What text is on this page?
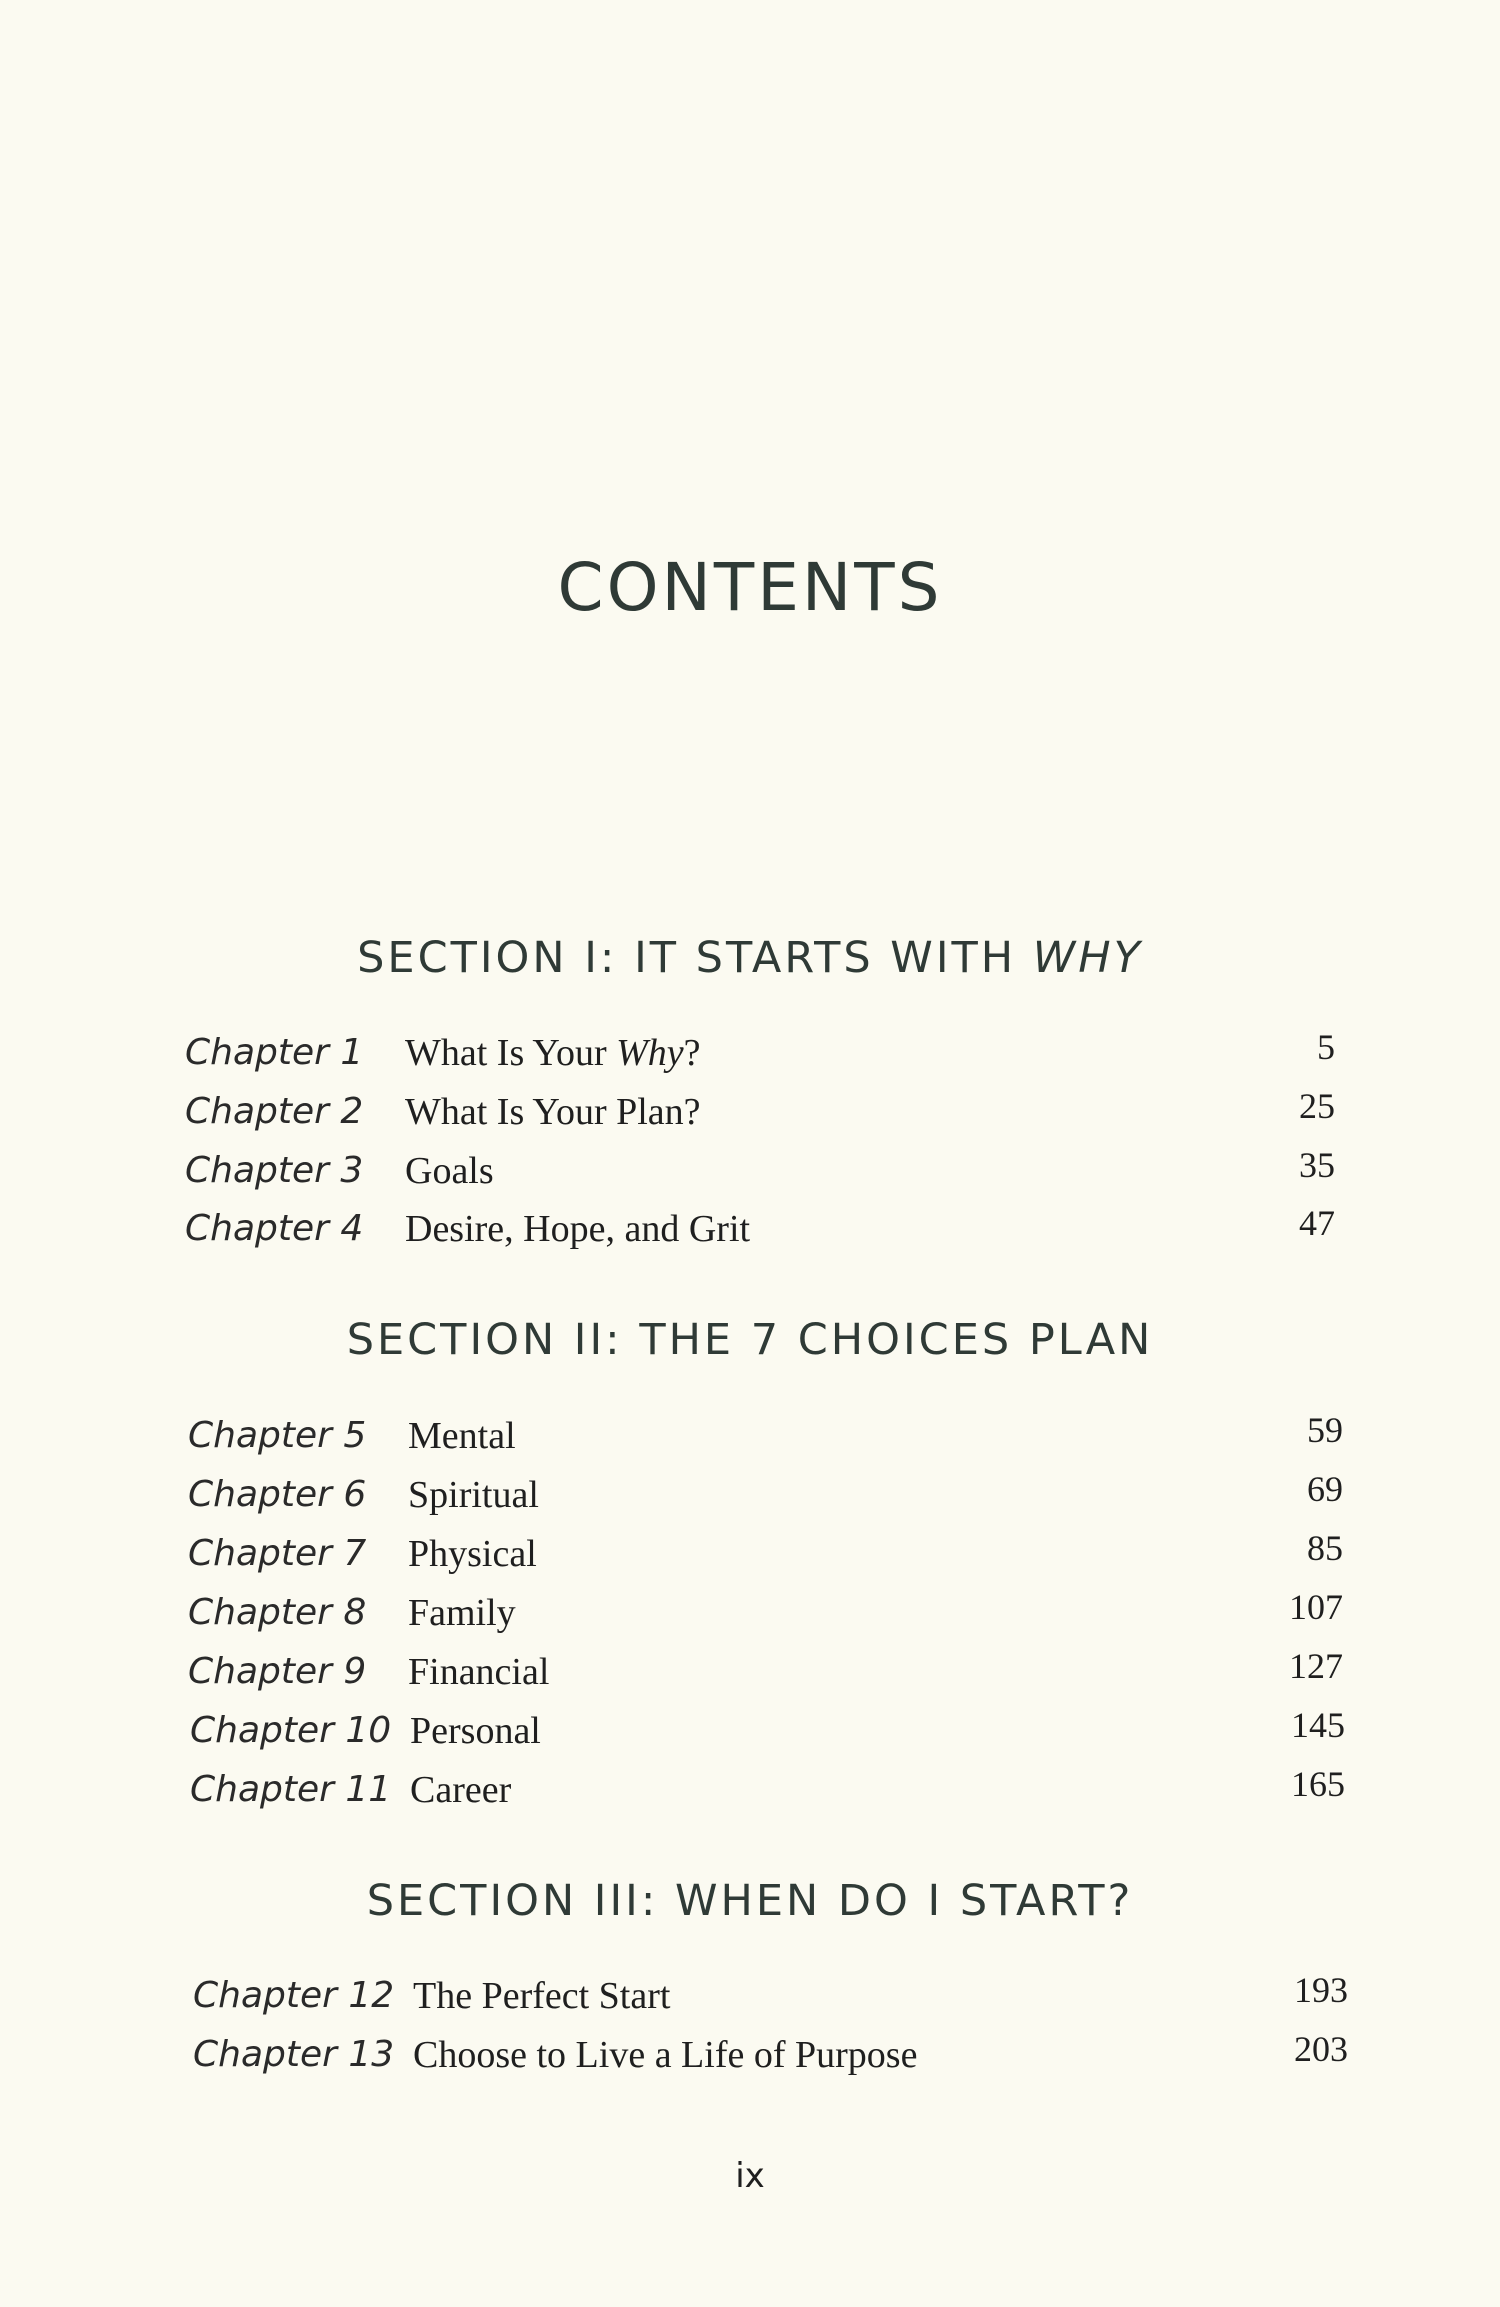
CONTENTS
SECTION I: IT STARTS WITH WHY
Chapter 1 What Is Your Why?	5
Chapter 2 What Is Your Plan?	25
Chapter 3 Goals	35
Chapter 4 Desire, Hope, and Grit	47
SECTION II: THE 7 CHOICES PLAN
Chapter 5 Mental	59
Chapter 6 Spiritual	69
Chapter 7 Physical	85
Chapter 8 Family	107
Chapter 9 Financial	127
Chapter 10 Personal	145
Chapter 11 Career	165
SECTION III: WHEN DO I START?
Chapter 12 The Perfect Start	193
Chapter 13 Choose to Live a Life of Purpose	203
ix
